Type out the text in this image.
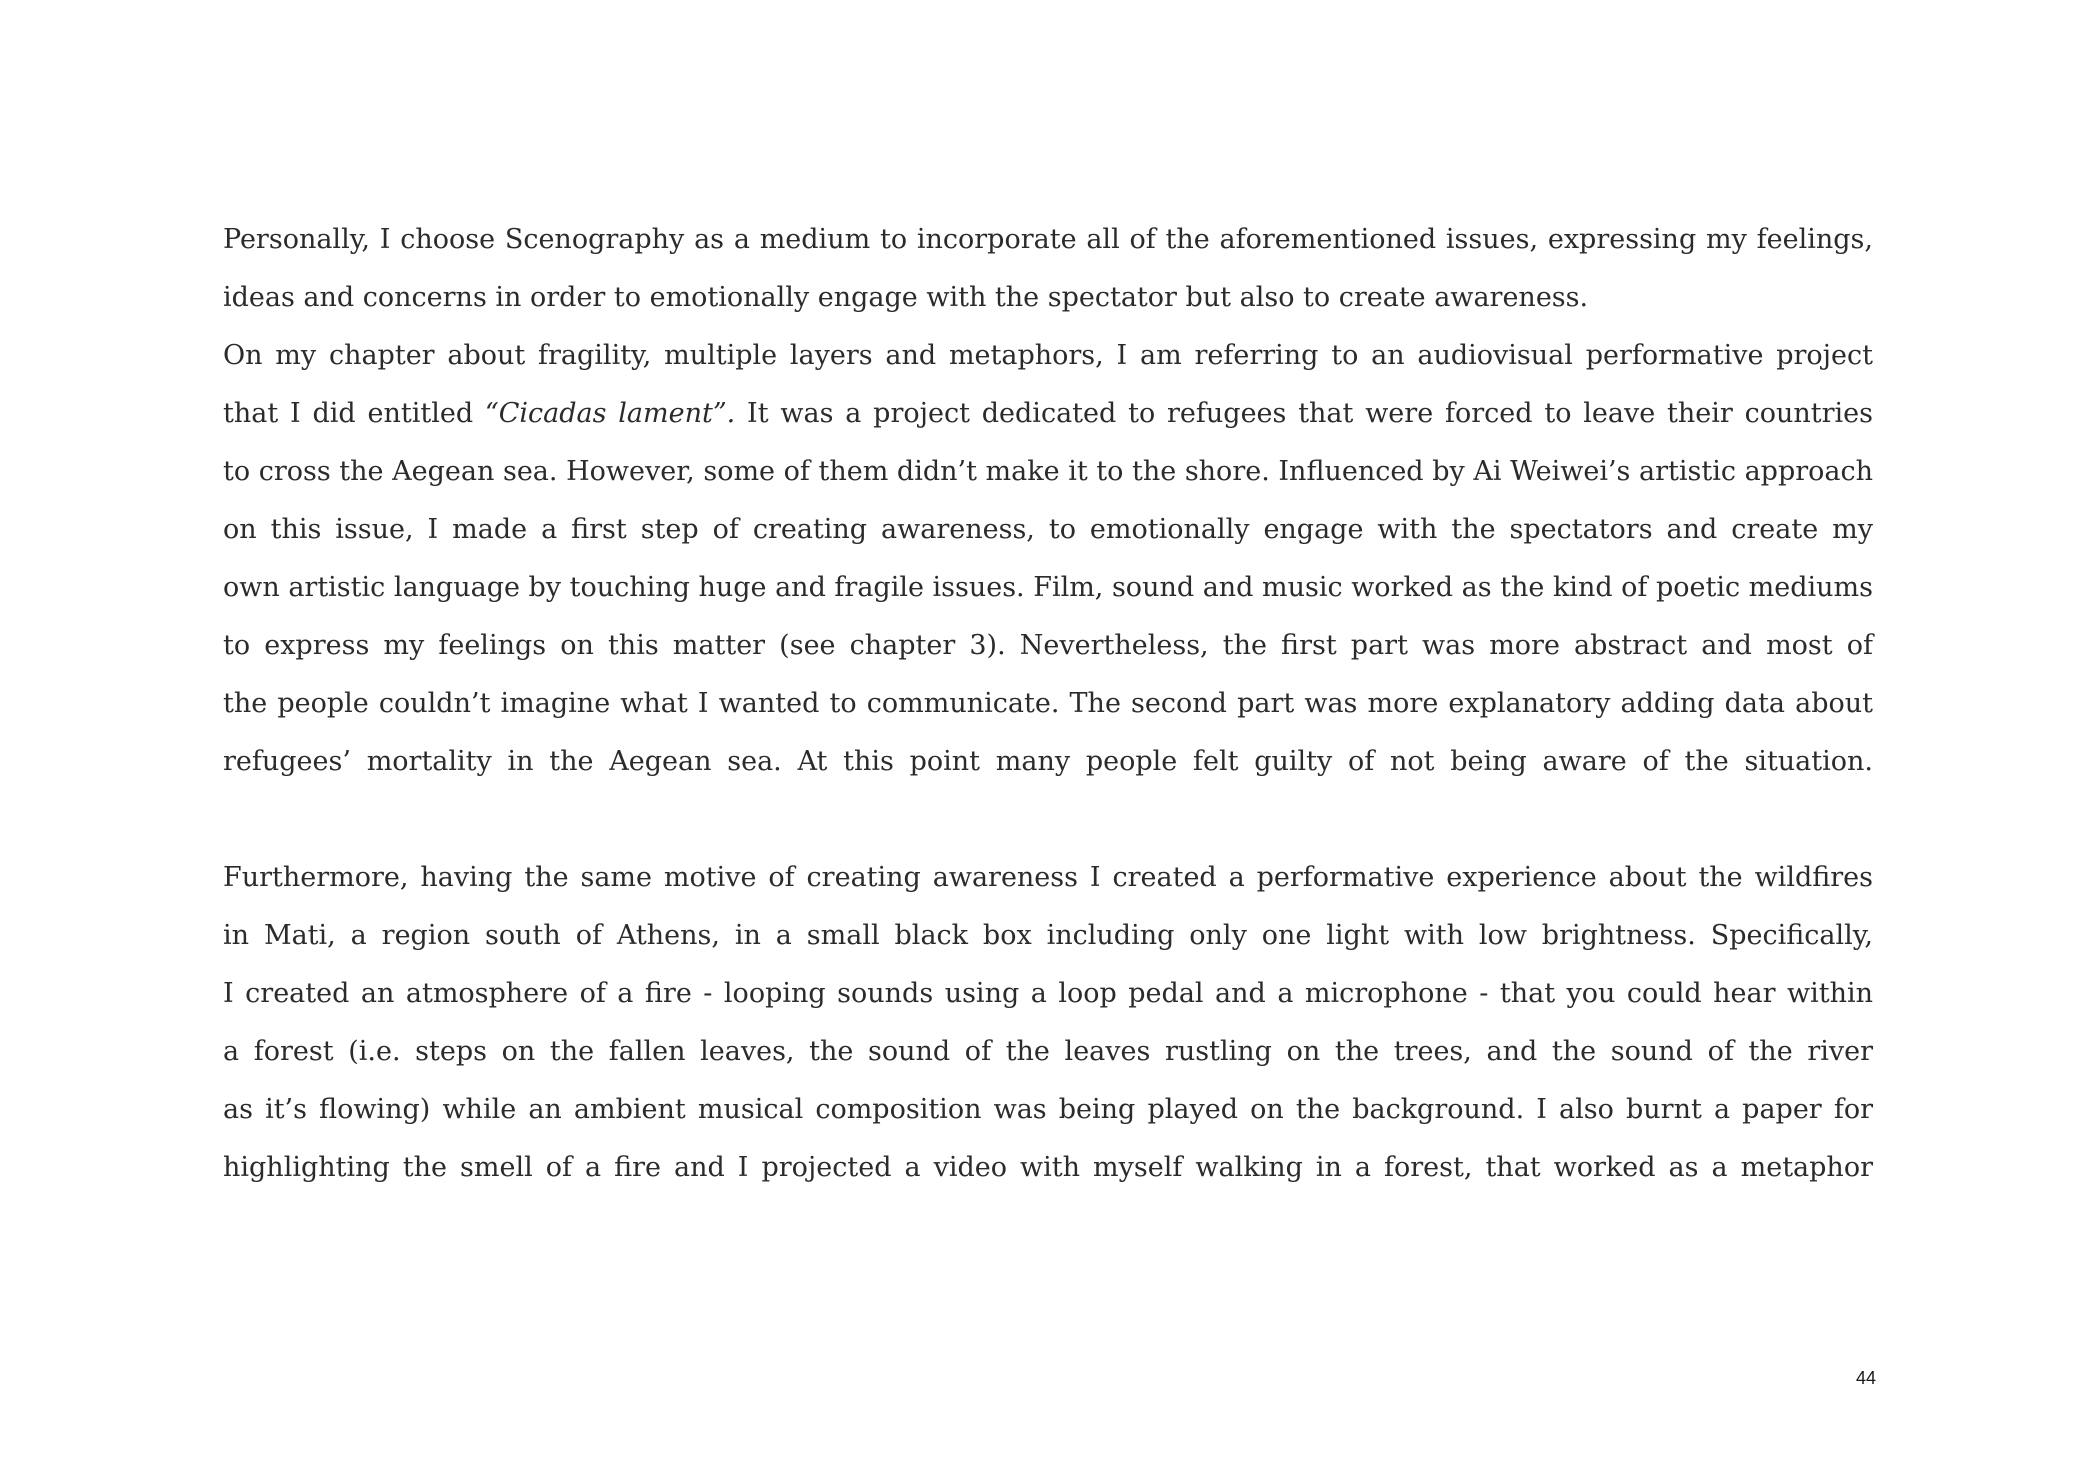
Personally, I choose Scenography as a medium to incorporate all of the aforementioned issues, expressing my feelings,
ideas and concerns in order to emotionally engage with the spectator but also to create awareness.
On my chapter about fragility, multiple layers and metaphors, I am referring to an audiovisual performative project
that I did entitled “Cicadas lament”. It was a project dedicated to refugees that were forced to leave their countries
to cross the Aegean sea. However, some of them didn’t make it to the shore. Influenced by Ai Weiwei’s artistic approach
on this issue, I made a first step of creating awareness, to emotionally engage with the spectators and create my
own artistic language by touching huge and fragile issues. Film, sound and music worked as the kind of poetic mediums
to express my feelings on this matter (see chapter 3). Nevertheless, the first part was more abstract and most of
the people couldn’t imagine what I wanted to communicate. The second part was more explanatory adding data about
refugees’ mortality in the Aegean sea. At this point many people felt guilty of not being aware of the situation.
Furthermore, having the same motive of creating awareness I created a performative experience about the wildfires
in Mati, a region south of Athens, in a small black box including only one light with low brightness. Specifically,
I created an atmosphere of a fire - looping sounds using a loop pedal and a microphone - that you could hear within
a forest (i.e. steps on the fallen leaves, the sound of the leaves rustling on the trees, and the sound of the river
as it’s flowing) while an ambient musical composition was being played on the background. I also burnt a paper for
highlighting the smell of a fire and I projected a video with myself walking in a forest, that worked as a metaphor
44
